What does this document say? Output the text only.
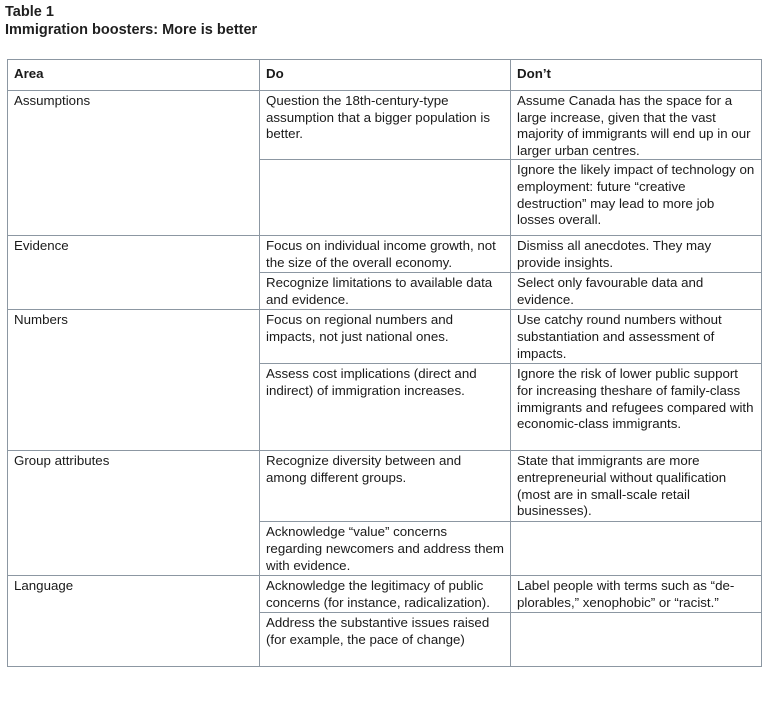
Table 1
Immigration boosters: More is better
Area	Do	Don’t
Assumptions	Question the 18th-century-type assumption that a bigger population is better.	Assume Canada has the space for a large increase, given that the vast majority of immigrants will end up in our larger urban centres.
		Ignore the likely impact of technology on employment: future “creative destruction” may lead to more job losses overall.
Evidence	Focus on individual income growth, not the size of the overall economy.	Dismiss all anecdotes. They may provide insights.
	Recognize limitations to available data and evidence.	Select only favourable data and evidence.
Numbers	Focus on regional numbers and impacts, not just national ones.	Use catchy round numbers without substantiation and assessment of impacts.
	Assess cost implications (direct and indirect) of immigration increases.	Ignore the risk of lower public support for increasing theshare of family-class immigrants and refugees compared with economic-class immigrants.
Group attributes	Recognize diversity between and among different groups.	State that immigrants are more entrepreneurial without qualification (most are in small-scale retail businesses).
	Acknowledge “value” concerns regarding newcomers and address them with evidence.	
Language	Acknowledge the legitimacy of public concerns (for instance, radicalization).	Label people with terms such as “de-plorables,” xenophobic” or “racist.”
	Address the substantive issues raised (for example, the pace of change)	
